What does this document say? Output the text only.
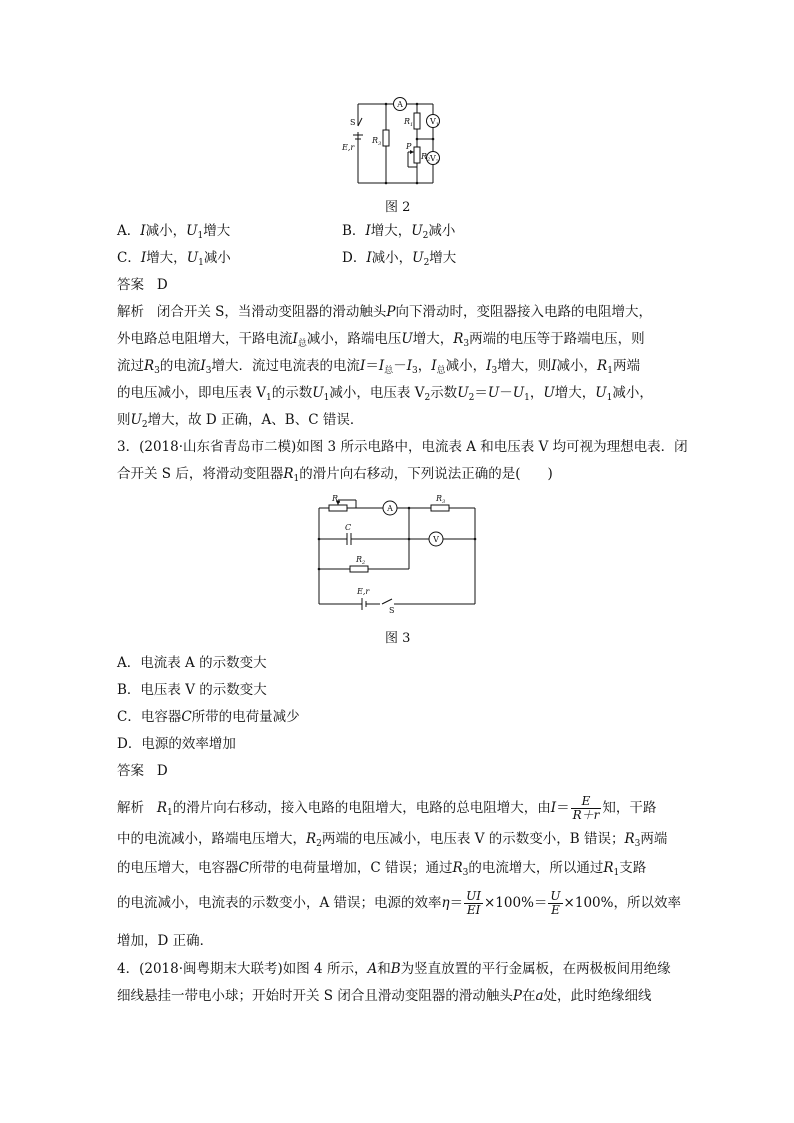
A
$V_1$
$V_2$
S
E,r
$R_3$
$R_1$
$R_2$
P
图 2
A．I减小，$U_1$增大	B．I增大，$U_2$减小
C．I增大，$U_1$减小	D．I减小，$U_2$增大
答案 D
解析 闭合开关 S，当滑动变阻器的滑动触头P向下滑动时，变阻器接入电路的电阻增大，
外电路总电阻增大，干路电流$I_总$减小，路端电压U增大，$R_3$两端的电压等于路端电压，则
流过$R_3$的电流$I_3$增大．流过电流表的电流$I=I_总-I_3$，$I_总$减小，$I_3$增大，则I减小，$R_1$两端
的电压减小，即电压表 $V_1$的示数$U_1$减小，电压表 $V_2$示数$U_2=U-U_1$，U增大，$U_1$减小，
则$U_2$增大，故 D 正确，A、B、C 错误．
3．(2018·山东省青岛市二模)如图 3 所示电路中，电流表 A 和电压表 V 均可视为理想电表．闭
合开关 S 后，将滑动变阻器$R_1$的滑片向右移动，下列说法正确的是(　　)
$R_1$	$R_3$
C
$R_2$
A
V
E,r
S
图 3
A．电流表 A 的示数变大
B．电压表 V 的示数变大
C．电容器C所带的电荷量减少
D．电源的效率增加
答案 D
解析 $R_1$的滑片向右移动，接入电路的电阻增大，电路的总电阻增大，由$I= \frac{E}{R+r}$ 知，干路
中的电流减小，路端电压增大，$R_2$两端的电压减小，电压表 V 的示数变小，B 错误；$R_3$两端
的电压增大，电容器C所带的电荷量增加，C 错误；通过$R_3$的电流增大，所以通过$R_1$支路
的电流减小，电流表的示数变小，A 错误；电源的效率$\eta= \frac{UI}{EI} \times 100\%= \frac{U}{E} \times 100\%$，所以效率
增加，D 正确．
4．(2018·闽粤期末大联考)如图 4 所示，A和B为竖直放置的平行金属板，在两极板间用绝缘
细线悬挂一带电小球；开始时开关 S 闭合且滑动变阻器的滑动触头P在a处，此时绝缘细线
